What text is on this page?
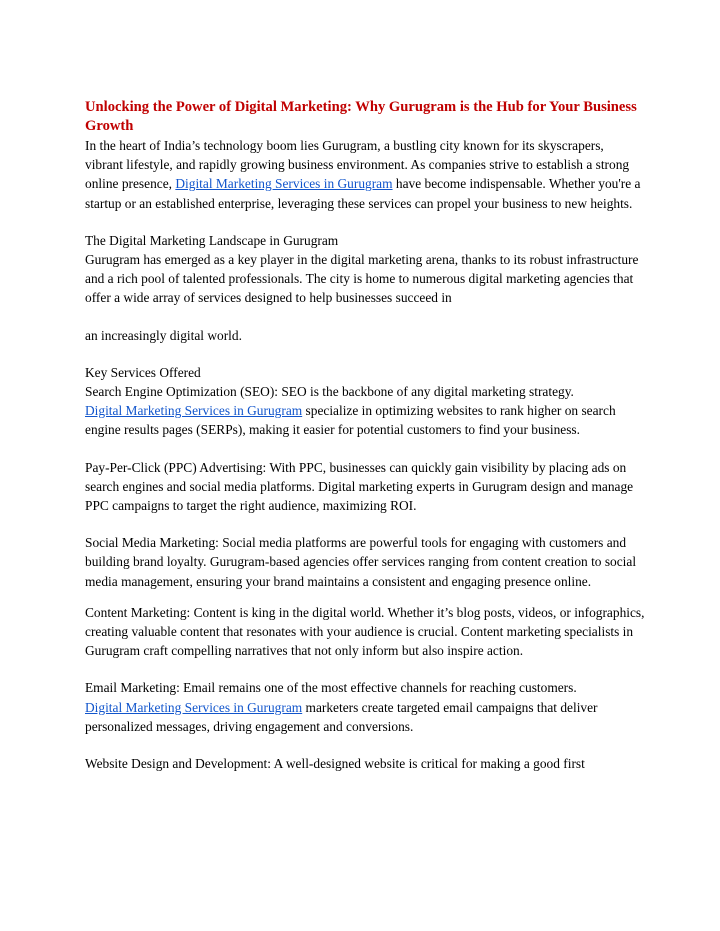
Unlocking the Power of Digital Marketing: Why Gurugram is the Hub for Your Business Growth

In the heart of India’s technology boom lies Gurugram, a bustling city known for its skyscrapers, vibrant lifestyle, and rapidly growing business environment. As companies strive to establish a strong online presence, Digital Marketing Services in Gurugram have become indispensable. Whether you're a startup or an established enterprise, leveraging these services can propel your business to new heights.

The Digital Marketing Landscape in Gurugram

Gurugram has emerged as a key player in the digital marketing arena, thanks to its robust infrastructure and a rich pool of talented professionals. The city is home to numerous digital marketing agencies that offer a wide array of services designed to help businesses succeed in

an increasingly digital world.

Key Services Offered

Search Engine Optimization (SEO): SEO is the backbone of any digital marketing strategy.
Digital Marketing Services in Gurugram specialize in optimizing websites to rank higher on search engine results pages (SERPs), making it easier for potential customers to find your business.

Pay-Per-Click (PPC) Advertising: With PPC, businesses can quickly gain visibility by placing ads on search engines and social media platforms. Digital marketing experts in Gurugram design and manage PPC campaigns to target the right audience, maximizing ROI.

Social Media Marketing: Social media platforms are powerful tools for engaging with customers and building brand loyalty. Gurugram-based agencies offer services ranging from content creation to social media management, ensuring your brand maintains a consistent and engaging presence online.

Content Marketing: Content is king in the digital world. Whether it’s blog posts, videos, or infographics, creating valuable content that resonates with your audience is crucial. Content marketing specialists in Gurugram craft compelling narratives that not only inform but also inspire action.

Email Marketing: Email remains one of the most effective channels for reaching customers.
Digital Marketing Services in Gurugram marketers create targeted email campaigns that deliver personalized messages, driving engagement and conversions.

Website Design and Development: A well-designed website is critical for making a good first
